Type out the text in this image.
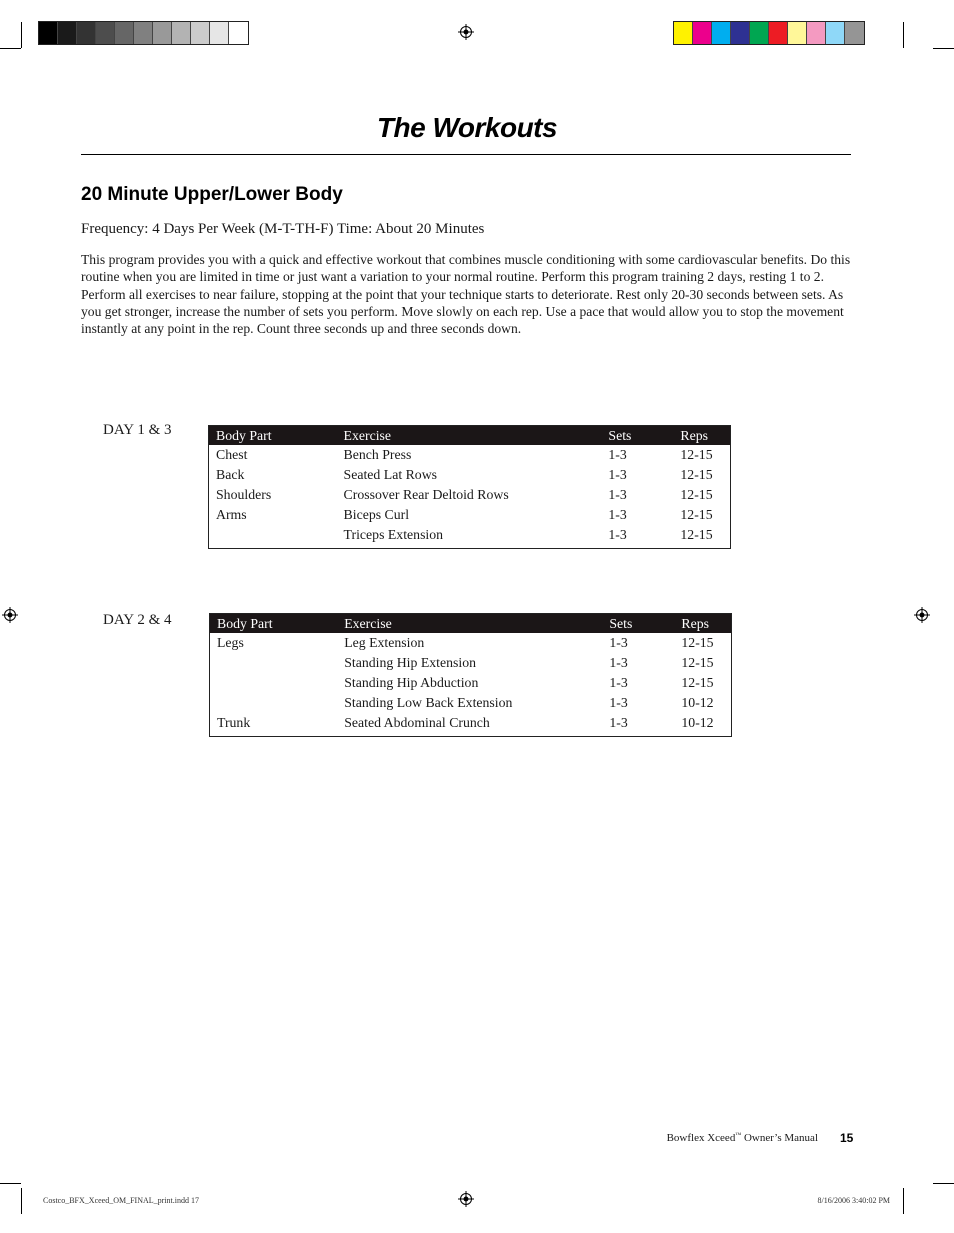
The Workouts
20 Minute Upper/Lower Body
Frequency: 4 Days Per Week (M-T-TH-F) Time: About 20 Minutes
This program provides you with a quick and effective workout that combines muscle conditioning with some cardiovascular benefits. Do this routine when you are limited in time or just want a variation to your normal routine. Perform this program training 2 days, resting 1 to 2. Perform all exercises to near failure, stopping at the point that your technique starts to deteriorate. Rest only 20-30 seconds between sets. As you get stronger, increase the number of sets you perform. Move slowly on each rep. Use a pace that would allow you to stop the movement instantly at any point in the rep. Count three seconds up and three seconds down.
DAY 1 & 3	Body Part	Exercise	Sets	Reps
Chest	Bench Press	1-3	12-15
Back	Seated Lat Rows	1-3	12-15
Shoulders	Crossover Rear Deltoid Rows	1-3	12-15
Arms	Biceps Curl	1-3	12-15
	Triceps Extension	1-3	12-15
DAY 2 & 4	Body Part	Exercise	Sets	Reps
Legs	Leg Extension	1-3	12-15
	Standing Hip Extension	1-3	12-15
	Standing Hip Abduction	1-3	12-15
	Standing Low Back Extension	1-3	10-12
Trunk	Seated Abdominal Crunch	1-3	10-12
Bowflex Xceed™ Owner’s Manual 15
Costco_BFX_Xceed_OM_FINAL_print.indd 17	8/16/2006 3:40:02 PM
